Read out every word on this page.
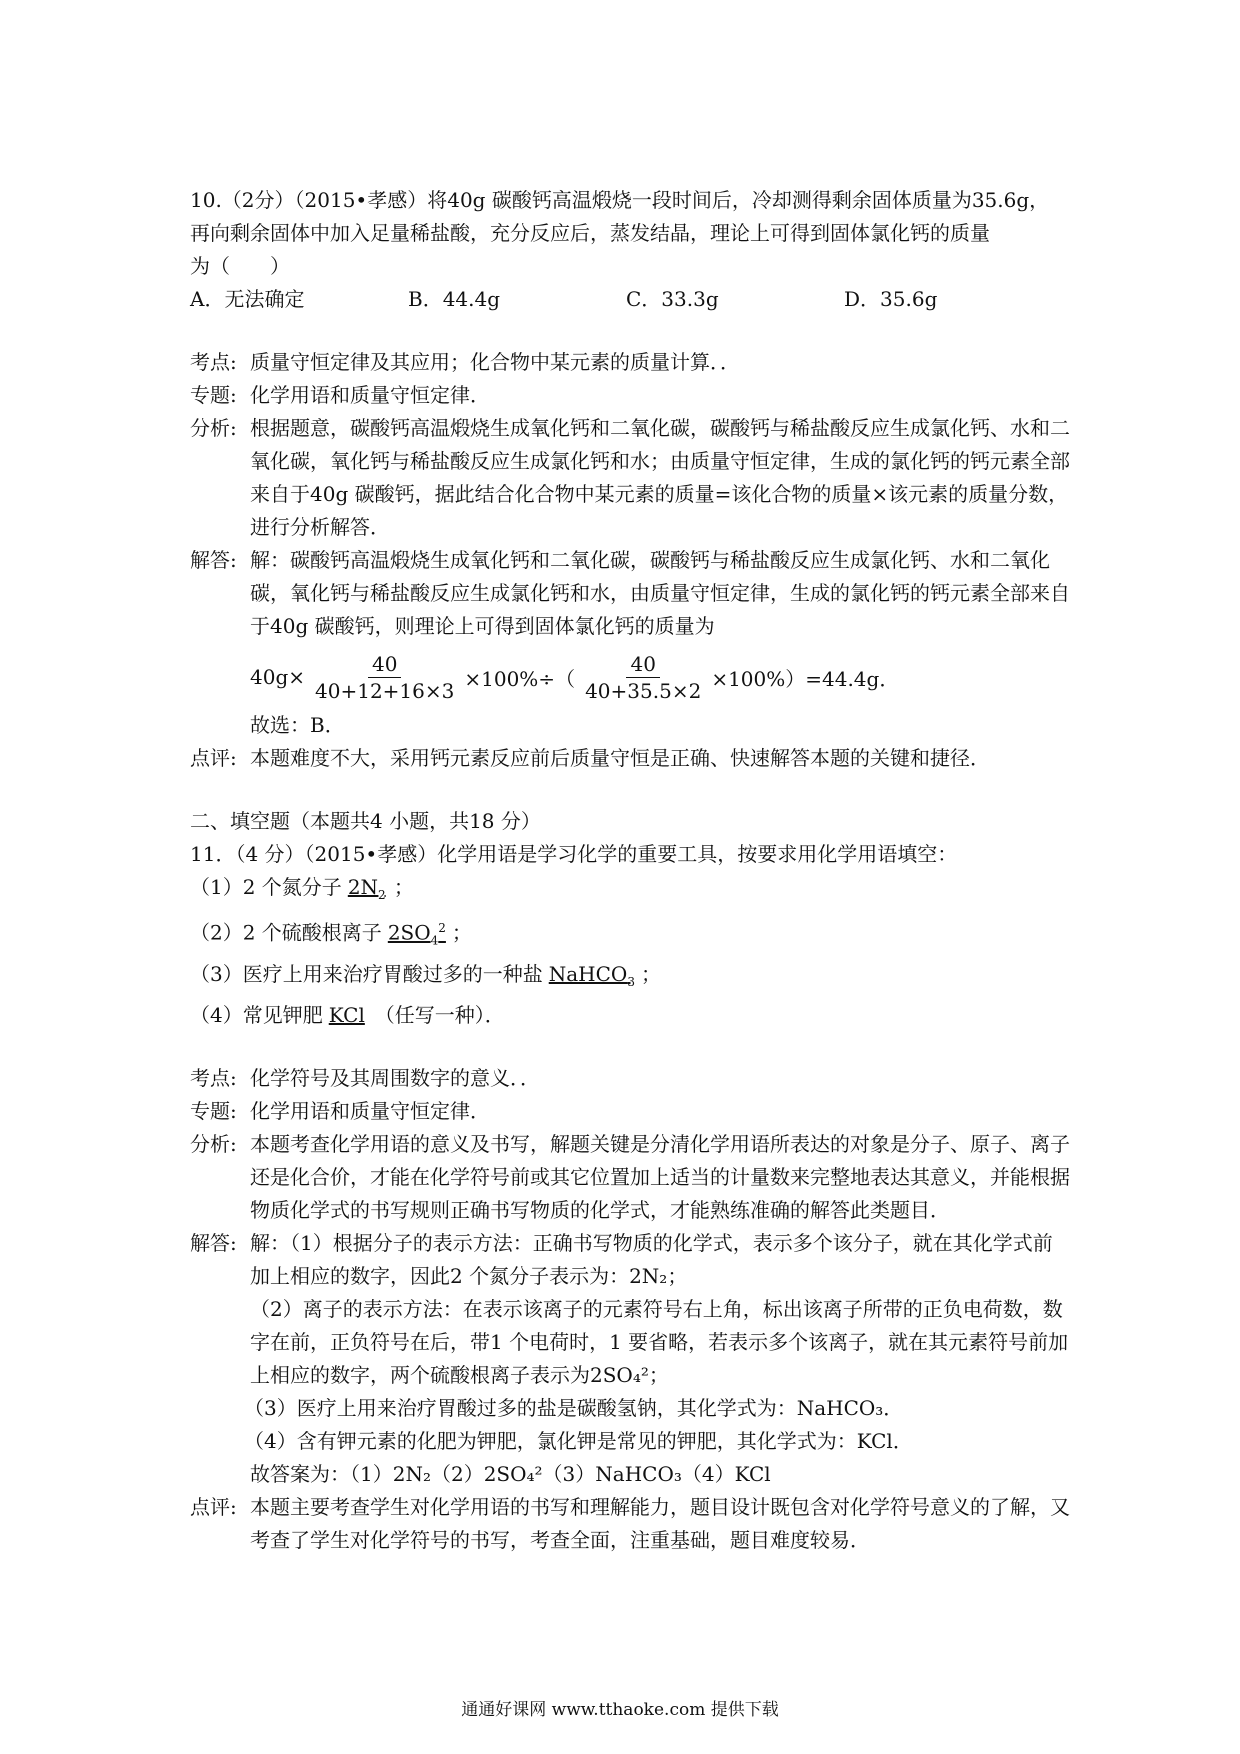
10.（2分）（2015•孝感）将40g 碳酸钙高温煅烧一段时间后，冷却测得剩余固体质量为35.6g，
再向剩余固体中加入足量稀盐酸，充分反应后，蒸发结晶，理论上可得到固体氯化钙的质量
为（　　）
A．无法确定	B．44.4g	C．33.3g	D．35.6g
考点: 质量守恒定律及其应用；化合物中某元素的质量计算．．
专题: 化学用语和质量守恒定律．
分析: 根据题意，碳酸钙高温煅烧生成氧化钙和二氧化碳，碳酸钙与稀盐酸反应生成氯化钙、水和二氧化碳，氧化钙与稀盐酸反应生成氯化钙和水；由质量守恒定律，生成的氯化钙的钙元素全部来自于40g 碳酸钙，据此结合化合物中某元素的质量=该化合物的质量×该元素的质量分数，进行分析解答．
解答: 解：碳酸钙高温煅烧生成氧化钙和二氧化碳，碳酸钙与稀盐酸反应生成氯化钙、水和二氧化碳，氧化钙与稀盐酸反应生成氯化钙和水，由质量守恒定律，生成的氯化钙的钙元素全部来自于40g 碳酸钙，则理论上可得到固体氯化钙的质量为
$40g\times \frac{40}{40+12+16\times 3} \times 100\%\div( \frac{40}{40+35.5\times 2} \times 100\%)=44.4g$．
故选：B．
点评: 本题难度不大，采用钙元素反应前后质量守恒是正确、快速解答本题的关键和捷径．
二、填空题（本题共4 小题，共18 分）
11．（4 分）（2015•孝感）化学用语是学习化学的重要工具，按要求用化学用语填空：
（1）2 个氮分子 $2N_2$ ；
（2）2 个硫酸根离子 $2SO_4^2$ ；
（3）医疗上用来治疗胃酸过多的一种盐 NaHCO$_3$ ；
（4）常见钾肥 KCl （任写一种）．
考点: 化学符号及其周围数字的意义．．
专题: 化学用语和质量守恒定律．
分析: 本题考查化学用语的意义及书写，解题关键是分清化学用语所表达的对象是分子、原子、离子还是化合价，才能在化学符号前或其它位置加上适当的计量数来完整地表达其意义，并能根据物质化学式的书写规则正确书写物质的化学式，才能熟练准确的解答此类题目．
解答: 解：（1）根据分子的表示方法：正确书写物质的化学式，表示多个该分子，就在其化学式前加上相应的数字，因此2 个氮分子表示为：2N₂；
（2）离子的表示方法：在表示该离子的元素符号右上角，标出该离子所带的正负电荷数，数字在前，正负符号在后，带1 个电荷时，1 要省略，若表示多个该离子，就在其元素符号前加上相应的数字，两个硫酸根离子表示为2SO₄²；
（3）医疗上用来治疗胃酸过多的盐是碳酸氢钠，其化学式为：NaHCO₃．
（4）含有钾元素的化肥为钾肥，氯化钾是常见的钾肥，其化学式为：KCl．
故答案为：（1）2N₂（2）2SO₄²（3）NaHCO₃（4）KCl
点评: 本题主要考查学生对化学用语的书写和理解能力，题目设计既包含对化学符号意义的了解，又考查了学生对化学符号的书写，考查全面，注重基础，题目难度较易．
通通好课网 www.tthaoke.com 提供下载
